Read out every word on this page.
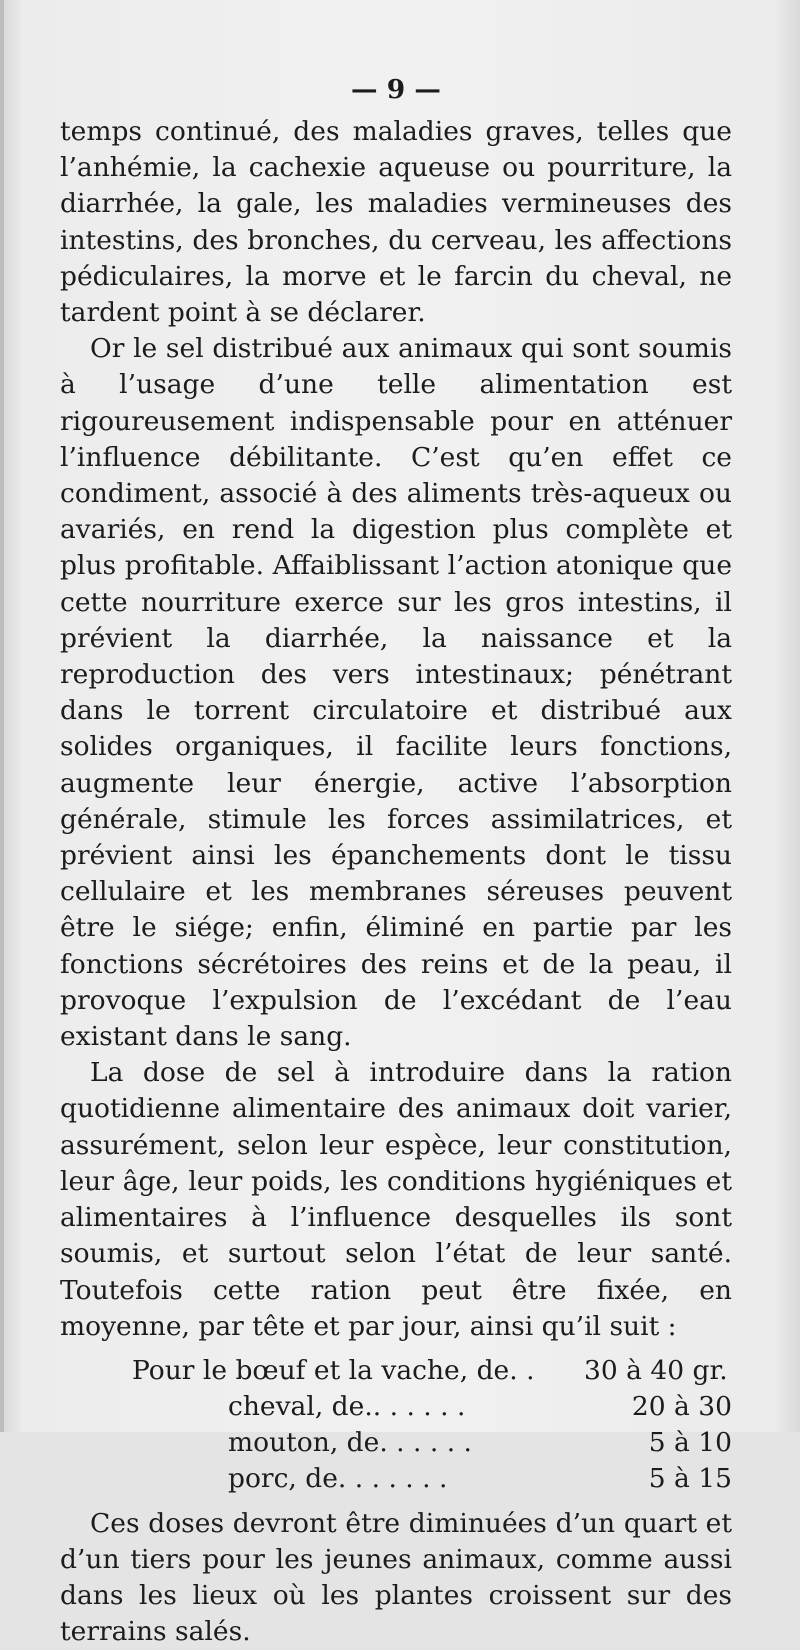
— 9 —

temps continué, des maladies graves, telles que l’anhémie, la cachexie aqueuse ou pourriture, la diarrhée, la gale, les maladies vermineuses des intestins, des bronches, du cerveau, les affections pédiculaires, la morve et le farcin du cheval, ne tardent point à se déclarer.

Or le sel distribué aux animaux qui sont soumis à l’usage d’une telle alimentation est rigoureusement indispensable pour en atténuer l’influence débilitante. C’est qu’en effet ce condiment, associé à des aliments très-aqueux ou avariés, en rend la digestion plus complète et plus profitable. Affaiblissant l’action atonique que cette nourriture exerce sur les gros intestins, il prévient la diarrhée, la naissance et la reproduction des vers intestinaux; pénétrant dans le torrent circulatoire et distribué aux solides organiques, il facilite leurs fonctions, augmente leur énergie, active l’absorption générale, stimule les forces assimilatrices, et prévient ainsi les épanchements dont le tissu cellulaire et les membranes séreuses peuvent être le siége; enfin, éliminé en partie par les fonctions sécrétoires des reins et de la peau, il provoque l’expulsion de l’excédant de l’eau existant dans le sang.

La dose de sel à introduire dans la ration quotidienne alimentaire des animaux doit varier, assurément, selon leur espèce, leur constitution, leur âge, leur poids, les conditions hygiéniques et alimentaires à l’influence desquelles ils sont soumis, et surtout selon l’état de leur santé. Toutefois cette ration peut être fixée, en moyenne, par tête et par jour, ainsi qu’il suit :

Pour le bœuf et la vache, de. .	30 à 40 gr.
cheval, de.. . . . . .	20 à 30
mouton, de. . . . . .	5 à 10
porc, de. . . . . . .	5 à 15

Ces doses devront être diminuées d’un quart et d’un tiers pour les jeunes animaux, comme aussi dans les lieux où les plantes croissent sur des terrains salés.
